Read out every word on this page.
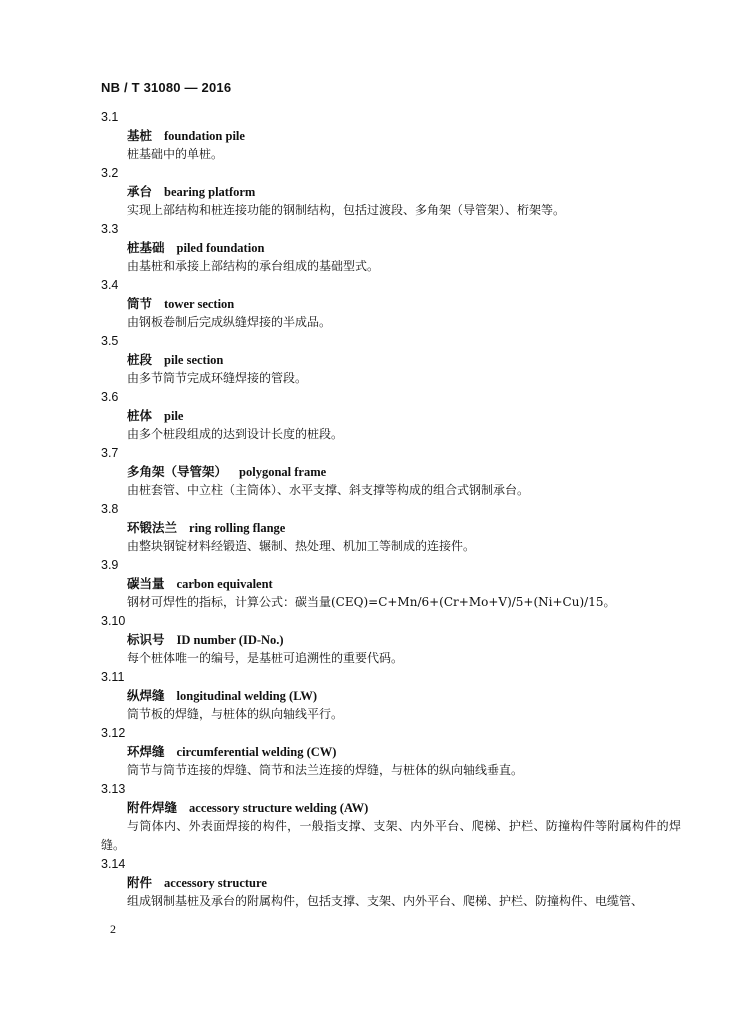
NB / T 31080 — 2016
3.1
基桩 foundation pile
桩基础中的单桩。
3.2
承台 bearing platform
实现上部结构和桩连接功能的钢制结构，包括过渡段、多角架（导管架）、桁架等。
3.3
桩基础 piled foundation
由基桩和承接上部结构的承台组成的基础型式。
3.4
筒节 tower section
由钢板卷制后完成纵缝焊接的半成品。
3.5
桩段 pile section
由多节筒节完成环缝焊接的管段。
3.6
桩体 pile
由多个桩段组成的达到设计长度的桩段。
3.7
多角架（导管架） polygonal frame
由桩套管、中立柱（主筒体）、水平支撑、斜支撑等构成的组合式钢制承台。
3.8
环锻法兰 ring rolling flange
由整块钢锭材料经锻造、辗制、热处理、机加工等制成的连接件。
3.9
碳当量 carbon equivalent
钢材可焊性的指标，计算公式：碳当量(CEQ)=C+Mn/6+(Cr+Mo+V)/5+(Ni+Cu)/15。
3.10
标识号 ID number (ID-No.)
每个桩体唯一的编号，是基桩可追溯性的重要代码。
3.11
纵焊缝 longitudinal welding (LW)
筒节板的焊缝，与桩体的纵向轴线平行。
3.12
环焊缝 circumferential welding (CW)
筒节与筒节连接的焊缝、筒节和法兰连接的焊缝，与桩体的纵向轴线垂直。
3.13
附件焊缝 accessory structure welding (AW)
与筒体内、外表面焊接的构件，一般指支撑、支架、内外平台、爬梯、护栏、防撞构件等附属构件的焊缝。
3.14
附件 accessory structure
组成钢制基桩及承台的附属构件，包括支撑、支架、内外平台、爬梯、护栏、防撞构件、电缆管、
2
